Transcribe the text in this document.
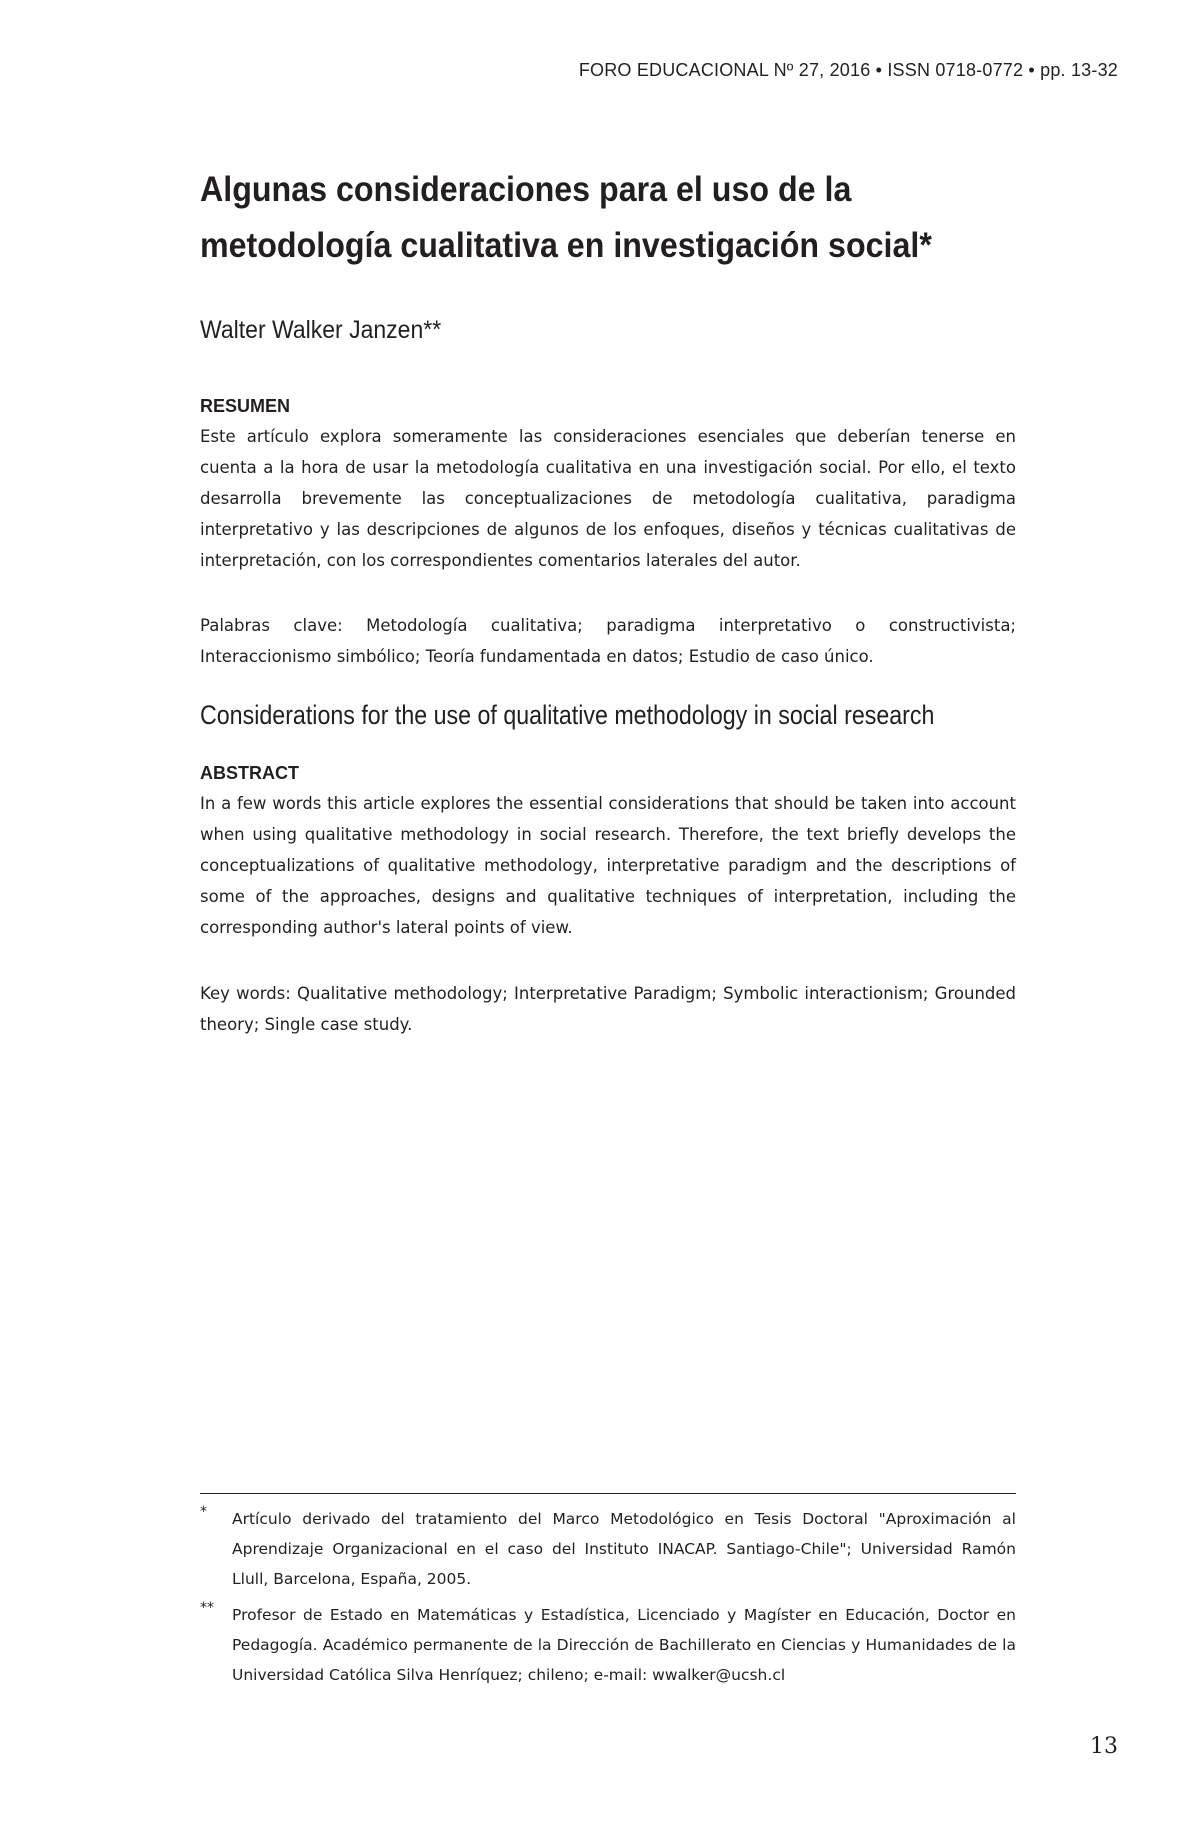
FORO EDUCACIONAL Nº 27, 2016 • ISSN 0718-0772 • pp. 13-32
Algunas consideraciones para el uso de la metodología cualitativa en investigación social*

Walter Walker Janzen**

RESUMEN

Este artículo explora someramente las consideraciones esenciales que deberían tenerse en cuenta a la hora de usar la metodología cualitativa en una investigación social. Por ello, el texto desarrolla brevemente las conceptualizaciones de metodología cualitativa, paradigma interpretativo y las descripciones de algunos de los enfoques, diseños y técnicas cualitativas de interpretación, con los correspondientes comentarios laterales del autor.

Palabras clave: Metodología cualitativa; paradigma interpretativo o constructivista; Interaccionismo simbólico; Teoría fundamentada en datos; Estudio de caso único.

Considerations for the use of qualitative methodology in social research
ABSTRACT

In a few words this article explores the essential considerations that should be taken into account when using qualitative methodology in social research. Therefore, the text briefly develops the conceptualizations of qualitative methodology, interpretative paradigm and the descriptions of some of the approaches, designs and qualitative techniques of interpretation, including the corresponding author's lateral points of view.

Key words: Qualitative methodology; Interpretative Paradigm; Symbolic interactionism; Grounded theory; Single case study.

* Artículo derivado del tratamiento del Marco Metodológico en Tesis Doctoral "Aproximación al Aprendizaje Organizacional en el caso del Instituto INACAP. Santiago-Chile"; Universidad Ramón Llull, Barcelona, España, 2005.

** Profesor de Estado en Matemáticas y Estadística, Licenciado y Magíster en Educación, Doctor en Pedagogía. Académico permanente de la Dirección de Bachillerato en Ciencias y Humanidades de la Universidad Católica Silva Henríquez; chileno; e-mail: wwalker@ucsh.cl

13
